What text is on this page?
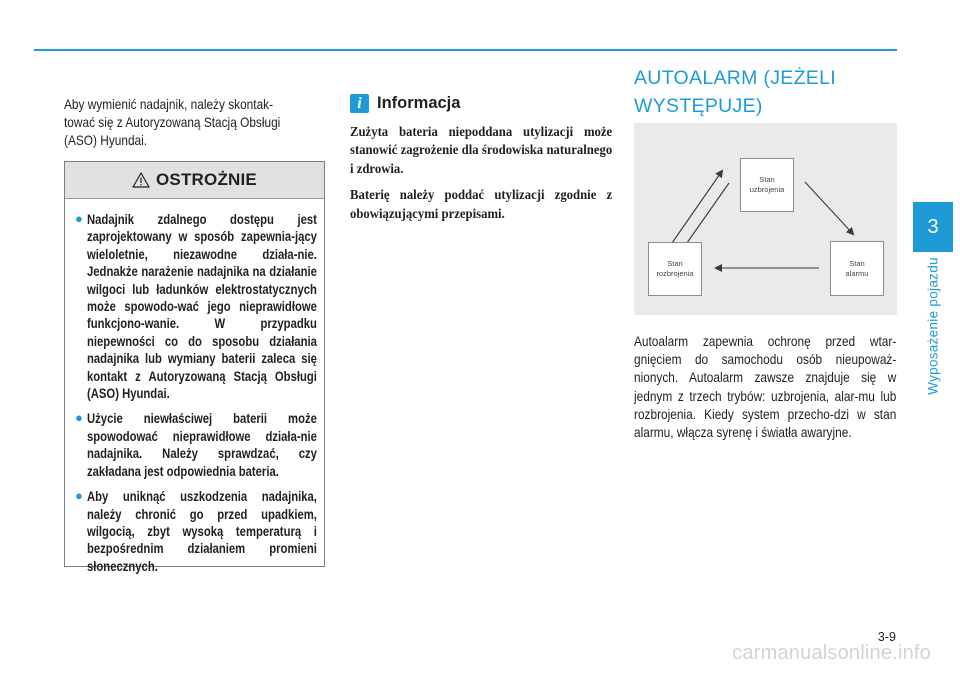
Aby wymienić nadajnik, należy skontak-
tować się z Autoryzowaną Stacją Obsługi
(ASO) Hyundai.

OSTROŻNIE
● Nadajnik zdalnego dostępu jest zaprojektowany w sposób zapewnia-jący wieloletnie, niezawodne działa-nie. Jednakże narażenie nadajnika na działanie wilgoci lub ładunków elektrostatycznych może spowodo-wać jego nieprawidłowe funkcjono-wanie. W przypadku niepewności co do sposobu działania nadajnika lub wymiany baterii zaleca się kontakt z Autoryzowaną Stacją Obsługi (ASO) Hyundai.
● Użycie niewłaściwej baterii może spowodować nieprawidłowe działa-nie nadajnika. Należy sprawdzać, czy zakładana jest odpowiednia bateria.
● Aby uniknąć uszkodzenia nadajnika, należy chronić go przed upadkiem, wilgocią, zbyt wysoką temperaturą i bezpośrednim działaniem promieni słonecznych.
i Informacja

Zużyta bateria niepoddana utylizacji może stanowić zagrożenie dla środowiska naturalnego i zdrowia.

Baterię należy poddać utylizacji zgodnie z obowiązującymi przepisami.

AUTOALARM (JEŻELI WYSTĘPUJE)
Stan
uzbrojenia
Stan
alarmu
Stan
rozbrojenia

Autoalarm zapewnia ochronę przed wtar-gnięciem do samochodu osób nieupoważ-nionych. Autoalarm zawsze znajduje się w jednym z trzech trybów: uzbrojenia, alar-mu lub rozbrojenia. Kiedy system przecho-dzi w stan alarmu, włącza syrenę i światła awaryjne.

3
Wyposażenie pojazdu
3-9
carmanualsonline.info
